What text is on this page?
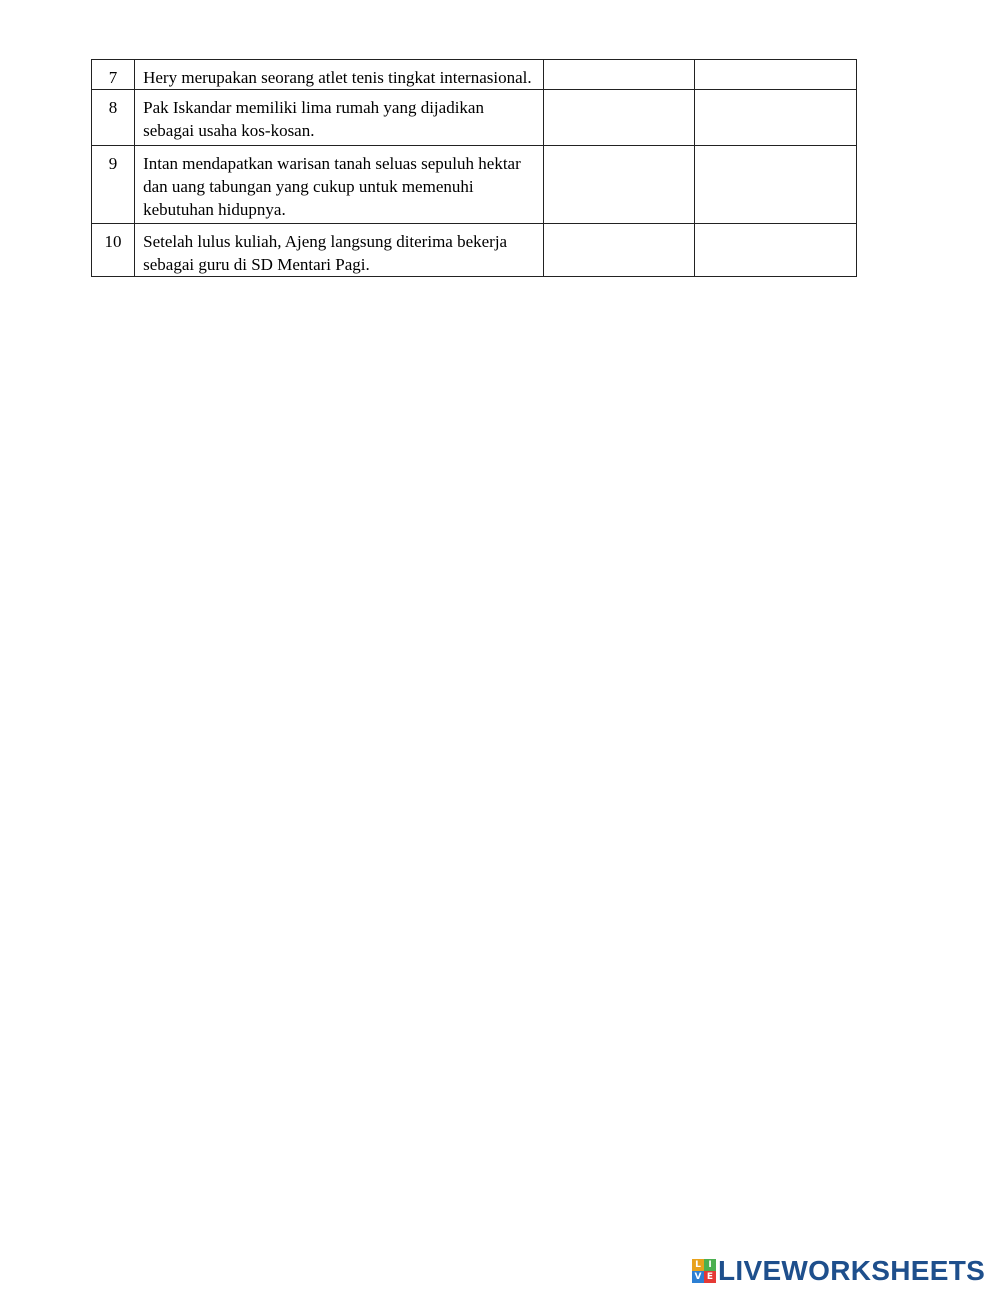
7	Hery merupakan seorang atlet tenis tingkat internasional.		
8	Pak Iskandar memiliki lima rumah yang dijadikan sebagai usaha kos-kosan.		
9	Intan mendapatkan warisan tanah seluas sepuluh hektar dan uang tabungan yang cukup untuk memenuhi kebutuhan hidupnya.		
10	Setelah lulus kuliah, Ajeng langsung diterima bekerja sebagai guru di SD Mentari Pagi.		
L I
V E LIVEWORKSHEETS
